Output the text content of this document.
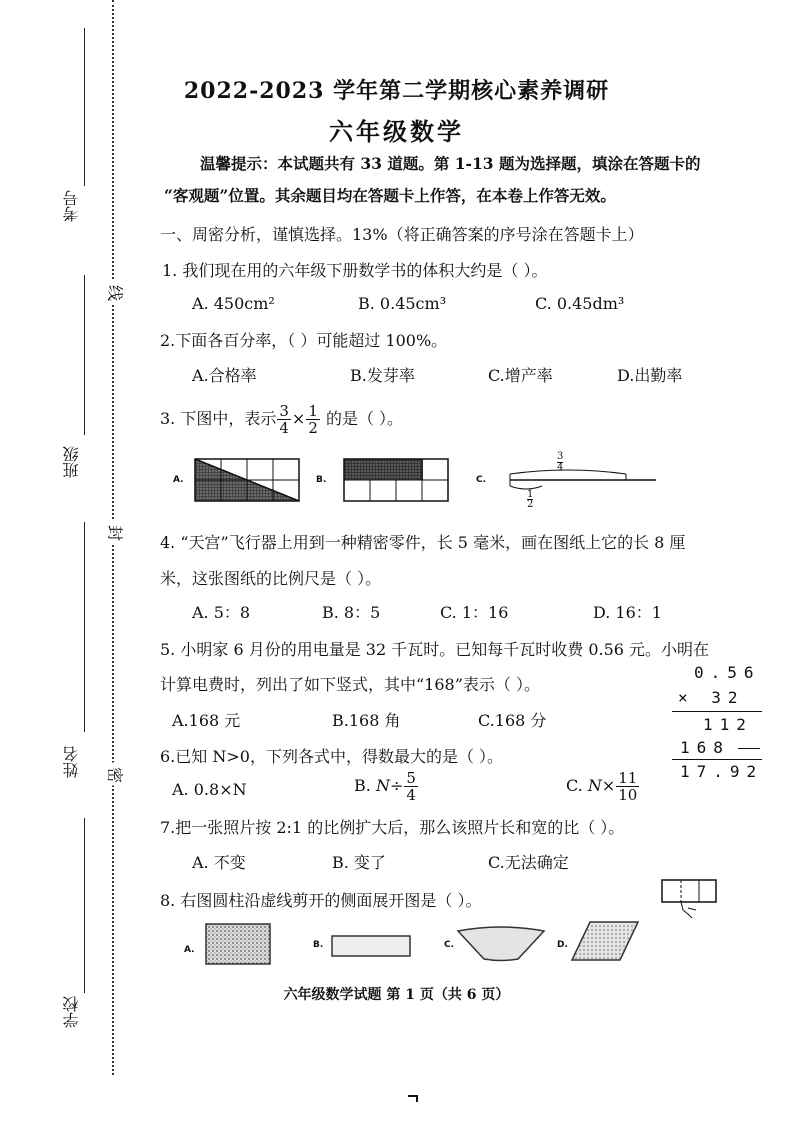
考号
班级
姓名
学校
线
封
密
2022-2023 学年第二学期核心素养调研
六年级数学
温馨提示：本试题共有 33 道题。第 1-13 题为选择题，填涂在答题卡的
“客观题”位置。其余题目均在答题卡上作答，在本卷上作答无效。
一、周密分析，谨慎选择。13%（将正确答案的序号涂在答题卡上）
1. 我们现在用的六年级下册数学书的体积大约是（ ）。
A. 450cm²	B. 0.45cm³	C. 0.45dm³
2.下面各百分率，（ ）可能超过 100%。
A.合格率	B.发芽率	C.增产率	D.出勤率
3. 下图中，表示 $\frac{3}{4} \times \frac{1}{2}$ 的是（ ）。
A.	B.	C.
3
4
1
2
4. “天宫”飞行器上用到一种精密零件，长 5 毫米，画在图纸上它的长 8 厘
米，这张图纸的比例尺是（ ）。
A. 5：8	B. 8：5	C. 1：16	D. 16：1
5. 小明家 6 月份的用电量是 32 千瓦时。已知每千瓦时收费 0.56 元。小明在
计算电费时，列出了如下竖式，其中“168”表示（ ）。
A.168 元	B.168 角	C.168 分
0.56
× 32
112
168
17.92
6.已知 N>0，下列各式中，得数最大的是（ ）。
A. 0.8×N	B. $N\div \frac{5}{4}$	C. $N\times \frac{11}{10}$
7.把一张照片按 2:1 的比例扩大后，那么该照片长和宽的比（ ）。
A. 不变	B. 变了	C.无法确定
8. 右图圆柱沿虚线剪开的侧面展开图是（ ）。
A.	B.	C.	D.
六年级数学试题 第 1 页（共 6 页）
